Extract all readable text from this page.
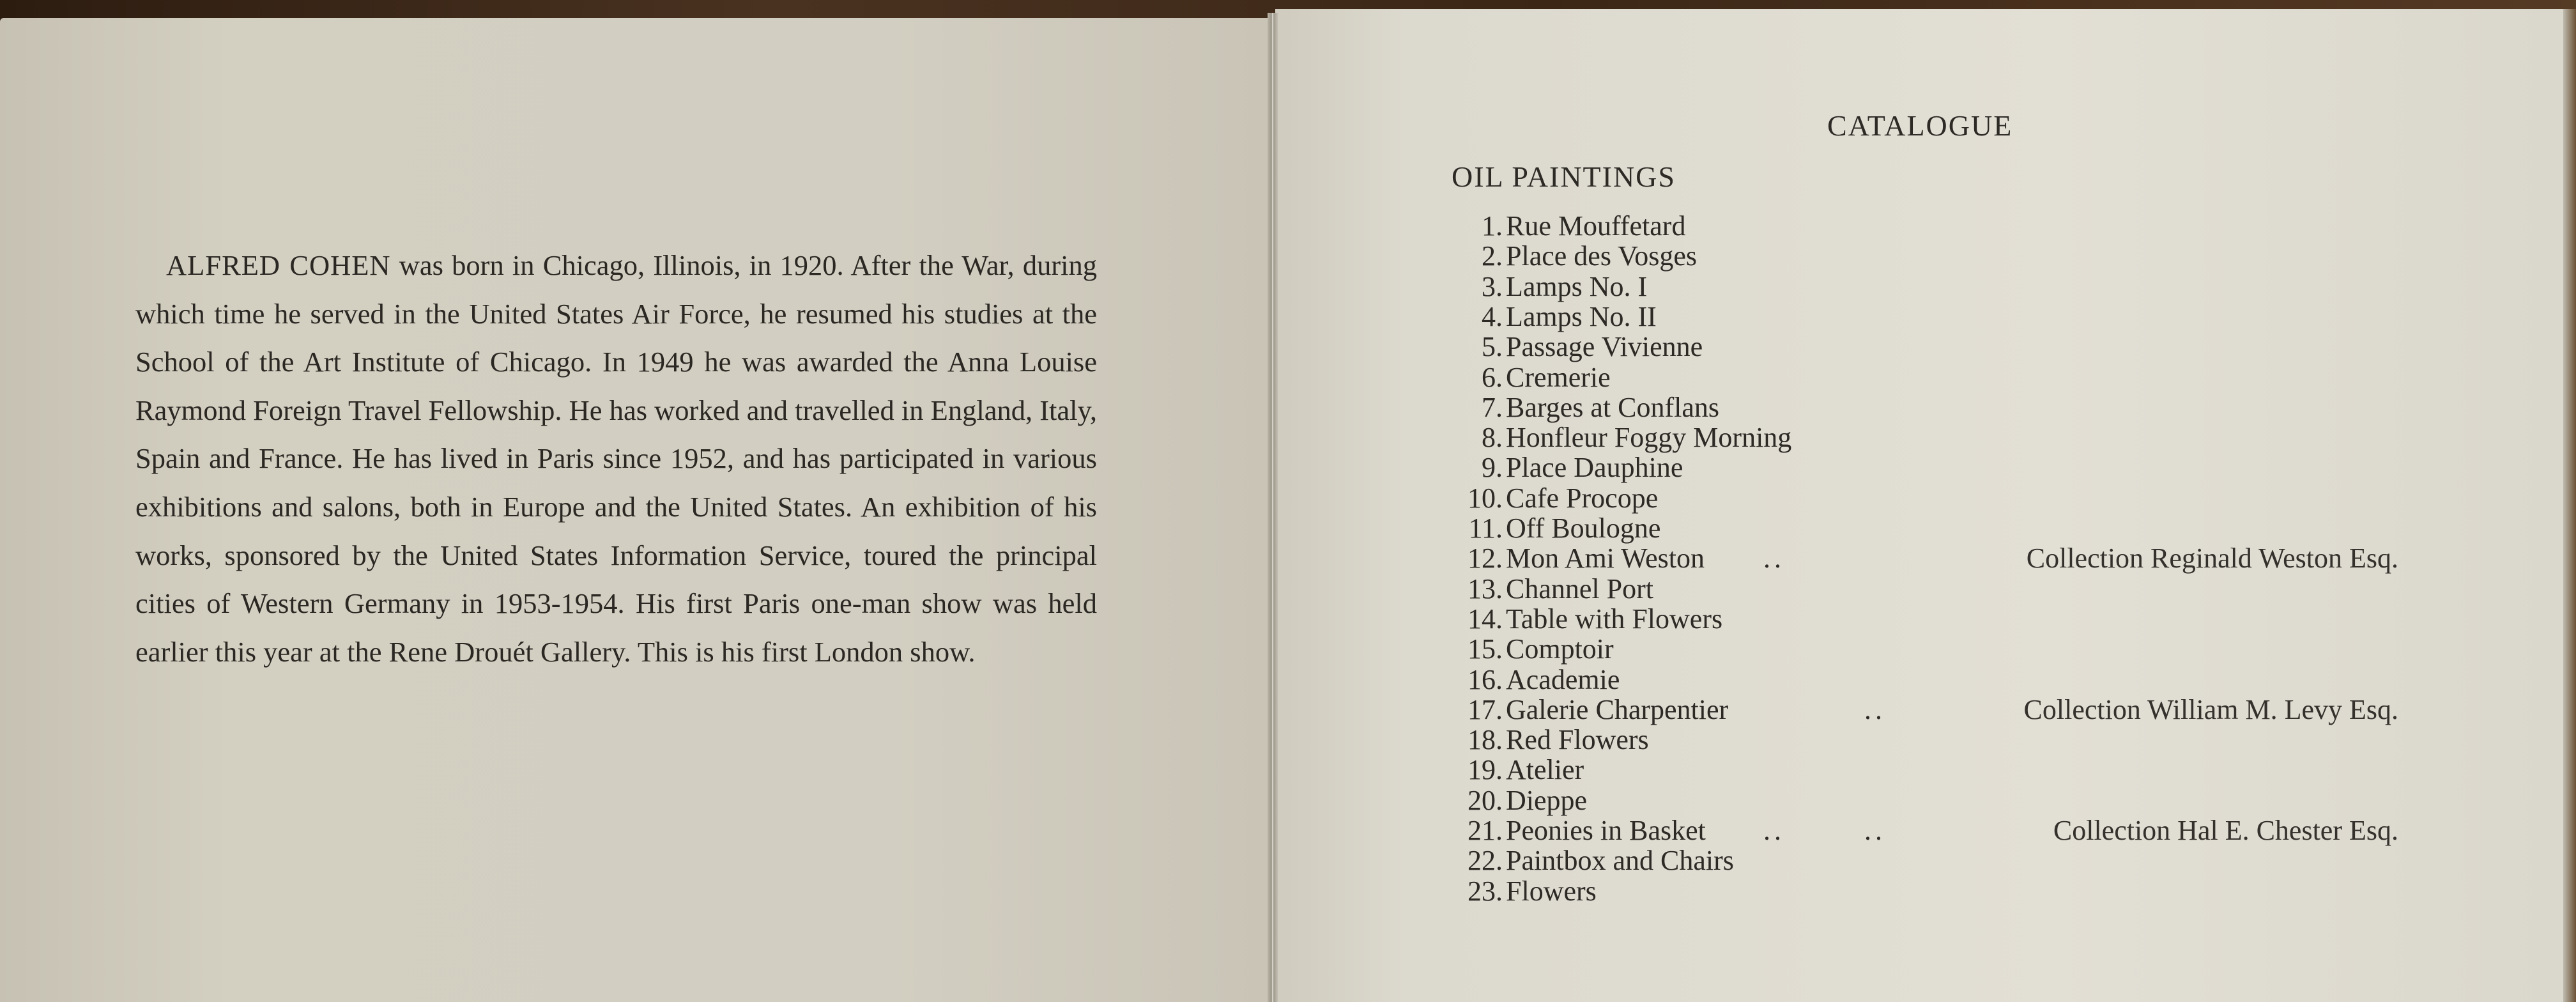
ALFRED COHEN was born in Chicago, Illinois, in 1920. After the War, during which time he served in the United States Air Force, he resumed his studies at the School of the Art Institute of Chicago. In 1949 he was awarded the Anna Louise Raymond Foreign Travel Fellowship. He has worked and travelled in England, Italy, Spain and France. He has lived in Paris since 1952, and has participated in various exhibitions and salons, both in Europe and the United States. An exhibition of his works, sponsored by the United States Information Service, toured the principal cities of Western Germany in 1953-1954. His first Paris one-man show was held earlier this year at the Rene Drouét Gallery. This is his first London show.

CATALOGUE
OIL PAINTINGS
1. Rue Mouffetard
2. Place des Vosges
3. Lamps No. I
4. Lamps No. II
5. Passage Vivienne
6. Cremerie
7. Barges at Conflans
8. Honfleur Foggy Morning
9. Place Dauphine
10. Cafe Procope
11. Off Boulogne
12. Mon Ami Weston ..	Collection Reginald Weston Esq.
13. Channel Port
14. Table with Flowers
15. Comptoir
16. Academie
17. Galerie Charpentier	..	Collection William M. Levy Esq.
18. Red Flowers
19. Atelier
20. Dieppe
21. Peonies in Basket ..	..	Collection Hal E. Chester Esq.
22. Paintbox and Chairs
23. Flowers
